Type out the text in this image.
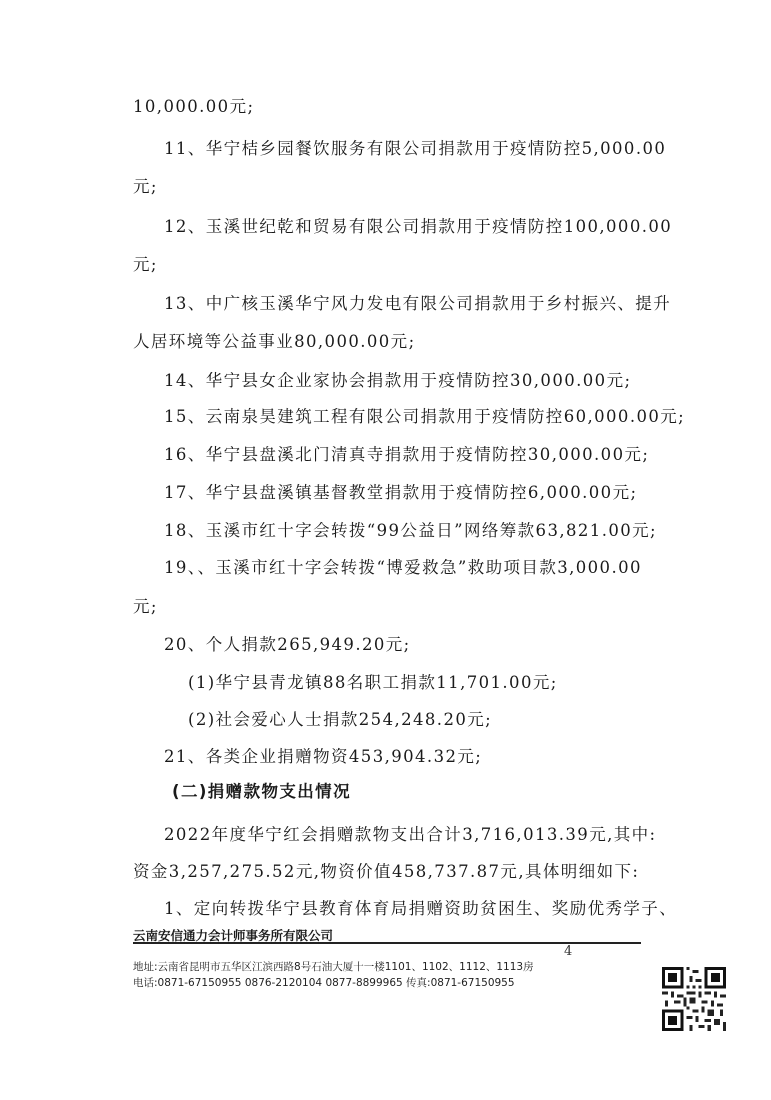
10,000.00元;
11、华宁桔乡园餐饮服务有限公司捐款用于疫情防控5,000.00
元;
12、玉溪世纪乾和贸易有限公司捐款用于疫情防控100,000.00
元;
13、中广核玉溪华宁风力发电有限公司捐款用于乡村振兴、提升
人居环境等公益事业80,000.00元;
14、华宁县女企业家协会捐款用于疫情防控30,000.00元;
15、云南泉昊建筑工程有限公司捐款用于疫情防控60,000.00元;
16、华宁县盘溪北门清真寺捐款用于疫情防控30,000.00元;
17、华宁县盘溪镇基督教堂捐款用于疫情防控6,000.00元;
18、玉溪市红十字会转拨“99公益日”网络筹款63,821.00元;
19、、玉溪市红十字会转拨“博爱救急”救助项目款3,000.00
元;
20、个人捐款265,949.20元;
(1)华宁县青龙镇88名职工捐款11,701.00元;
(2)社会爱心人士捐款254,248.20元;
21、各类企业捐赠物资453,904.32元;
(二)捐赠款物支出情况
2022年度华宁红会捐赠款物支出合计3,716,013.39元,其中:
资金3,257,275.52元,物资价值458,737.87元,具体明细如下:
1、定向转拨华宁县教育体育局捐赠资助贫困生、奖励优秀学子、
云南安信通力会计师事务所有限公司
4
地址:云南省昆明市五华区江滨西路8号石油大厦十一楼1101、1102、1112、1113房
电话:0871-67150955 0876-2120104 0877-8899965 传真:0871-67150955
